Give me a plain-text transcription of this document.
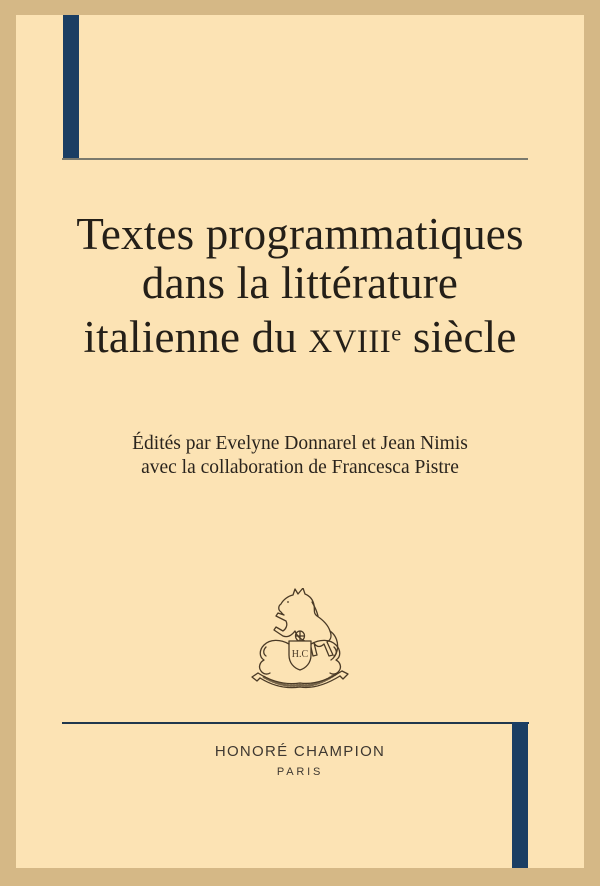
Textes programmatiques
dans la littérature
italienne du XVIIIe siècle
Édités par Evelyne Donnarel et Jean Nimis
avec la collaboration de Francesca Pistre
H.C
HONORÉ CHAMPION
PARIS
